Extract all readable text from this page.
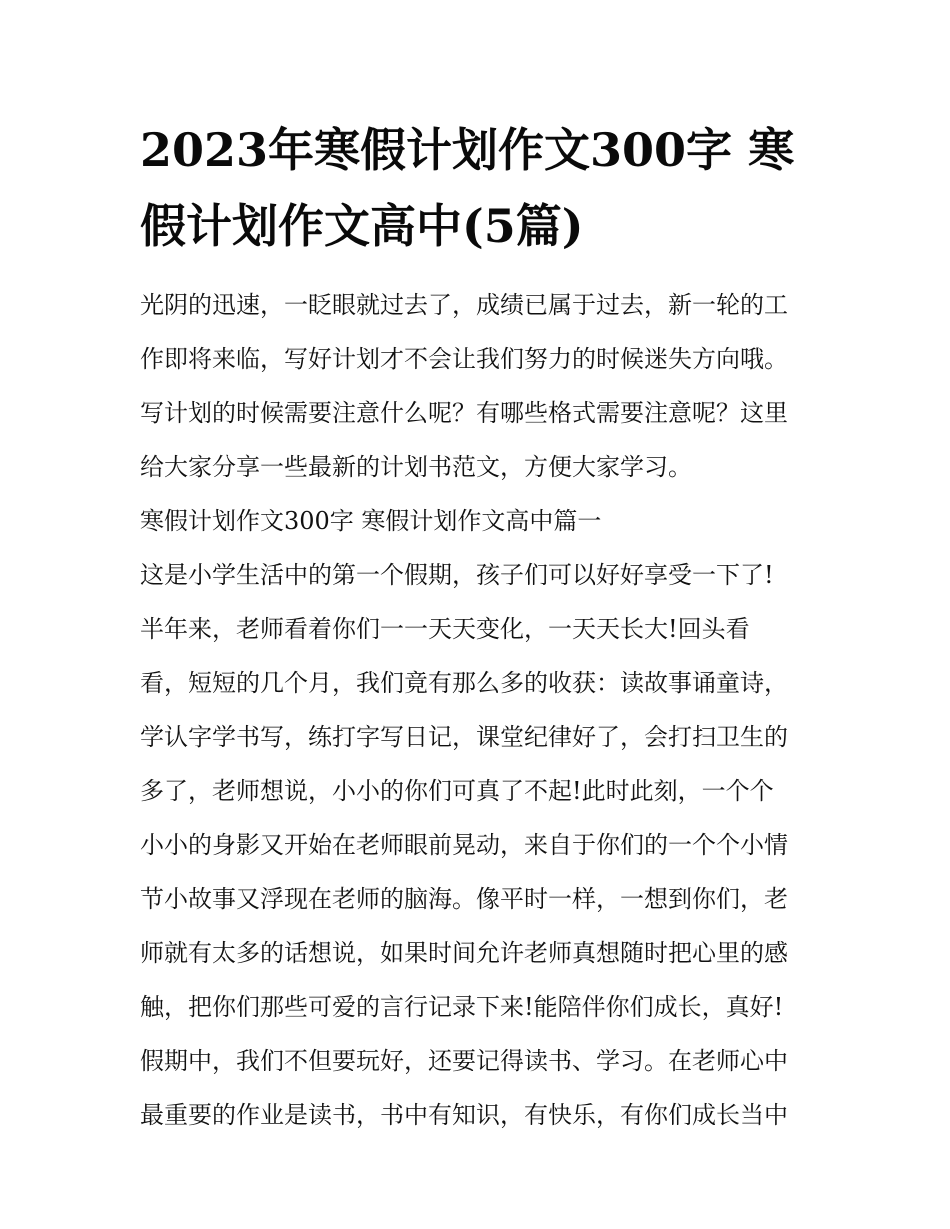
2023年寒假计划作文300字 寒假计划作文高中(5篇)
光阴的迅速，一眨眼就过去了，成绩已属于过去，新一轮的工
作即将来临，写好计划才不会让我们努力的时候迷失方向哦。
写计划的时候需要注意什么呢？有哪些格式需要注意呢？这里
给大家分享一些最新的计划书范文，方便大家学习。
寒假计划作文300字 寒假计划作文高中篇一
这是小学生活中的第一个假期，孩子们可以好好享受一下了!
半年来，老师看着你们一一天天变化，一天天长大!回头看
看，短短的几个月，我们竟有那么多的收获：读故事诵童诗，
学认字学书写，练打字写日记，课堂纪律好了，会打扫卫生的
多了，老师想说，小小的你们可真了不起!此时此刻，一个个
小小的身影又开始在老师眼前晃动，来自于你们的一个个小情
节小故事又浮现在老师的脑海。像平时一样，一想到你们，老
师就有太多的话想说，如果时间允许老师真想随时把心里的感
触，把你们那些可爱的言行记录下来!能陪伴你们成长，真好!
假期中，我们不但要玩好，还要记得读书、学习。在老师心中
最重要的作业是读书，书中有知识，有快乐，有你们成长当中
